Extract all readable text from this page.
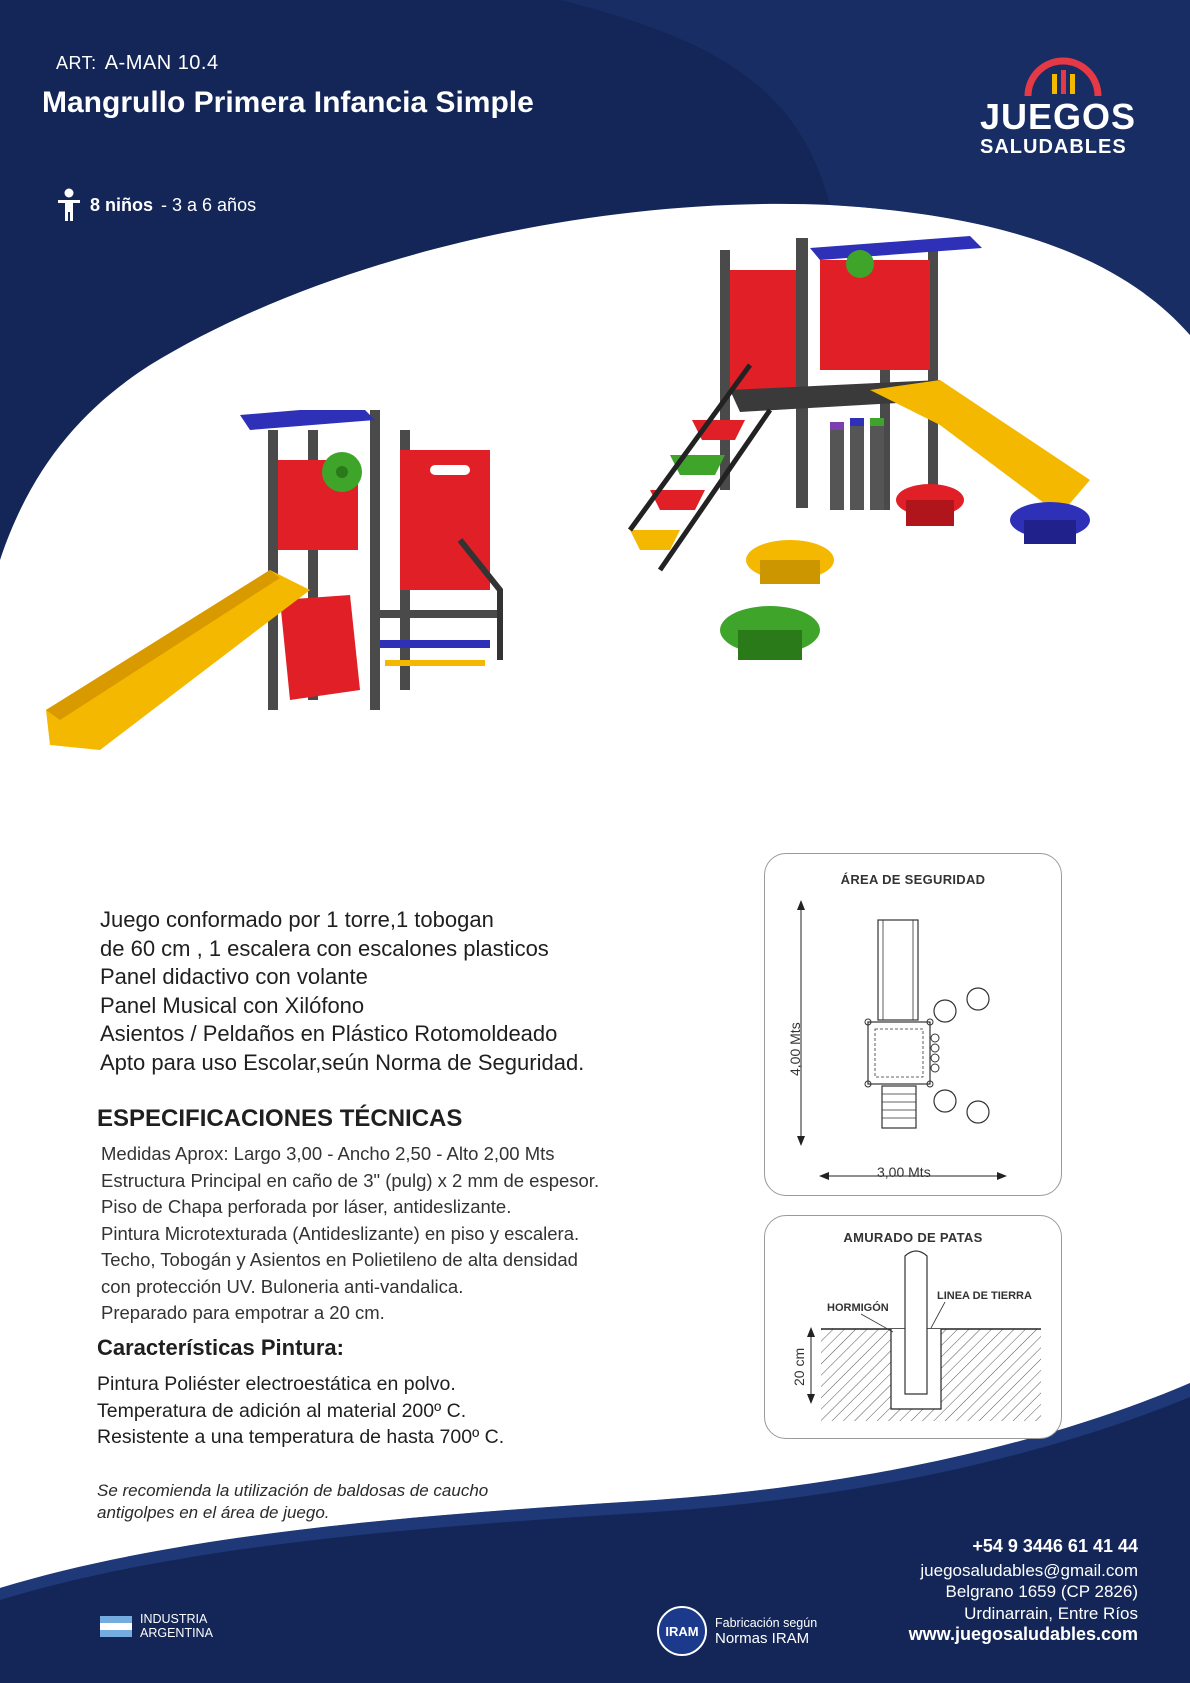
ART: A-MAN 10.4
Mangrullo Primera Infancia Simple
8 niños - 3 a 6 años
JUEGOS
SALUDABLES
Juego conformado por 1 torre,1 tobogan
de 60 cm , 1 escalera con escalones plasticos
Panel didactivo con volante
Panel Musical con Xilófono
Asientos / Peldaños en Plástico Rotomoldeado
Apto para uso Escolar,seún Norma de Seguridad.
ESPECIFICACIONES TÉCNICAS
Medidas Aprox: Largo 3,00 - Ancho 2,50 - Alto 2,00 Mts
Estructura Principal en caño de 3" (pulg) x 2 mm de espesor.
Piso de Chapa perforada por láser, antideslizante.
Pintura Microtexturada (Antideslizante) en piso y escalera.
Techo, Tobogán y Asientos en Polietileno de alta densidad
con protección UV. Buloneria anti-vandalica.
Preparado para empotrar a 20 cm.
Características Pintura:
Pintura Poliéster electroestática en polvo.
Temperatura de adición al material 200º C.
Resistente a una temperatura de hasta 700º C.
Se recomienda la utilización de baldosas de caucho
antigolpes en el área de juego.
ÁREA DE SEGURIDAD
4,00 Mts
3,00 Mts
AMURADO DE PATAS
HORMIGÓN
LINEA DE TIERRA
20 cm
+54 9 3446 61 41 44
juegosaludables@gmail.com
Belgrano 1659 (CP 2826)
Urdinarrain, Entre Ríos
www.juegosaludables.com
INDUSTRIA
ARGENTINA	IRAM
Fabricación según
Normas IRAM
